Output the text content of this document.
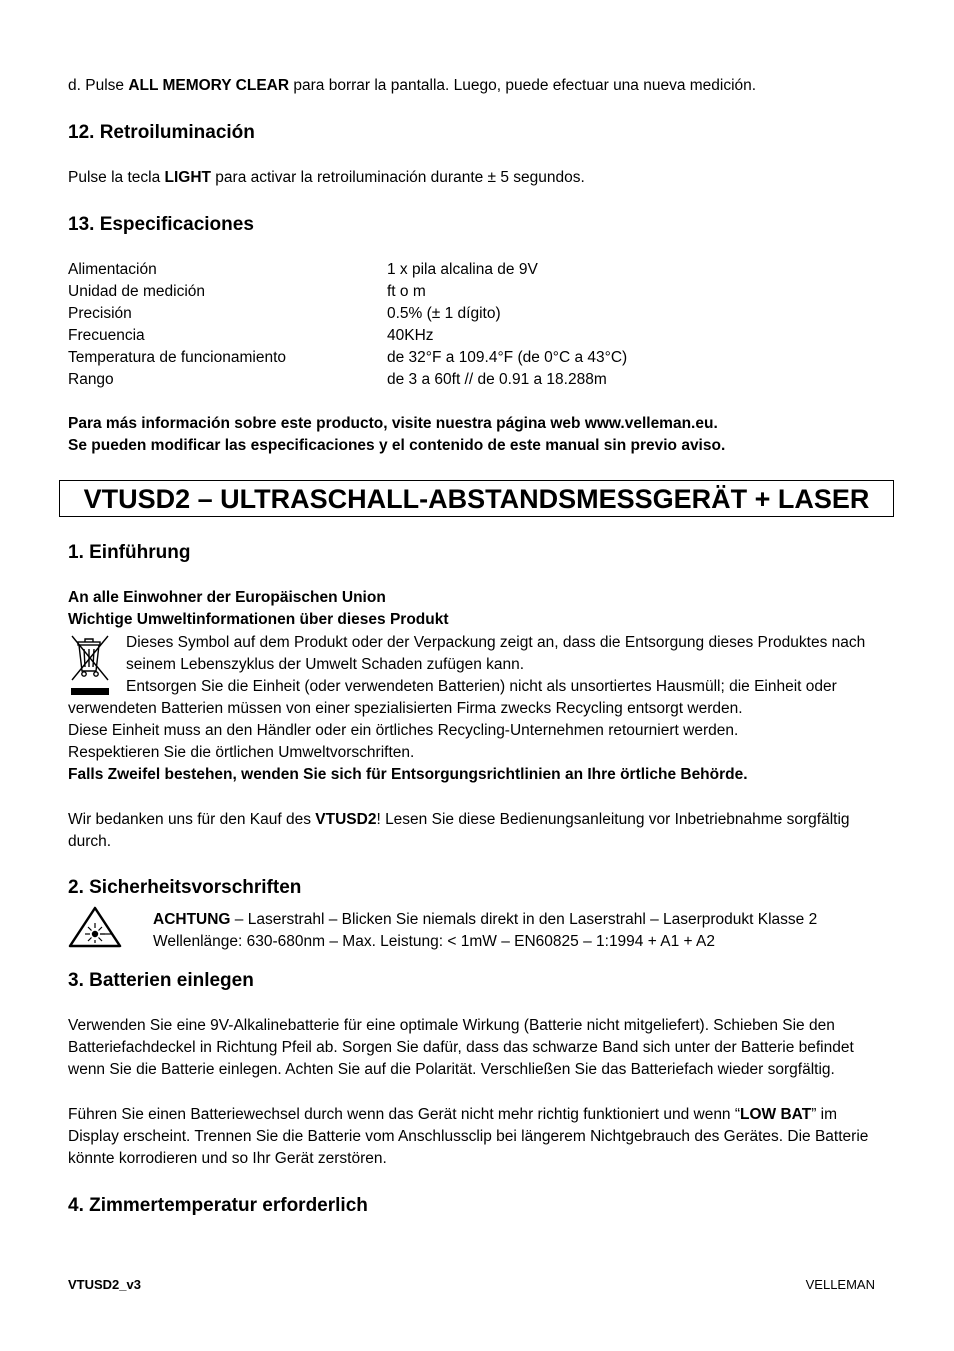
d. Pulse ALL MEMORY CLEAR para borrar la pantalla. Luego, puede efectuar una nueva medición.

12. Retroiluminación

Pulse la tecla LIGHT para activar la retroiluminación durante ± 5 segundos.

13. Especificaciones
Alimentación	1 x pila alcalina de 9V
Unidad de medición	ft o m
Precisión	0.5% (± 1 dígito)
Frecuencia	40KHz
Temperatura de funcionamiento	de 32°F a 109.4°F (de 0°C a 43°C)
Rango	de 3 a 60ft // de 0.91 a 18.288m

Para más información sobre este producto, visite nuestra página web www.velleman.eu.

Se pueden modificar las especificaciones y el contenido de este manual sin previo aviso.

VTUSD2 – ULTRASCHALL-ABSTANDSMESSGERÄT + LASER
1. Einführung

An alle Einwohner der Europäischen Union

Wichtige Umweltinformationen über dieses Produkt

Dieses Symbol auf dem Produkt oder der Verpackung zeigt an, dass die Entsorgung dieses Produktes nach

seinem Lebenszyklus der Umwelt Schaden zufügen kann.

Entsorgen Sie die Einheit (oder verwendeten Batterien) nicht als unsortiertes Hausmüll; die Einheit oder

verwendeten Batterien müssen von einer spezialisierten Firma zwecks Recycling entsorgt werden.

Diese Einheit muss an den Händler oder ein örtliches Recycling-Unternehmen retourniert werden.

Respektieren Sie die örtlichen Umweltvorschriften.

Falls Zweifel bestehen, wenden Sie sich für Entsorgungsrichtlinien an Ihre örtliche Behörde.

Wir bedanken uns für den Kauf des VTUSD2! Lesen Sie diese Bedienungsanleitung vor Inbetriebnahme sorgfältig

durch.

2. Sicherheitsvorschriften

ACHTUNG – Laserstrahl – Blicken Sie niemals direkt in den Laserstrahl – Laserprodukt Klasse 2

Wellenlänge: 630-680nm – Max. Leistung: < 1mW – EN60825 – 1:1994 + A1 + A2

3. Batterien einlegen

Verwenden Sie eine 9V-Alkalinebatterie für eine optimale Wirkung (Batterie nicht mitgeliefert). Schieben Sie den

Batteriefachdeckel in Richtung Pfeil ab. Sorgen Sie dafür, dass das schwarze Band sich unter der Batterie befindet

wenn Sie die Batterie einlegen. Achten Sie auf die Polarität. Verschließen Sie das Batteriefach wieder sorgfältig.

Führen Sie einen Batteriewechsel durch wenn das Gerät nicht mehr richtig funktioniert und wenn “LOW BAT” im

Display erscheint. Trennen Sie die Batterie vom Anschlussclip bei längerem Nichtgebrauch des Gerätes. Die Batterie

könnte korrodieren und so Ihr Gerät zerstören.

4. Zimmertemperatur erforderlich
VTUSD2_v3	VELLEMAN
